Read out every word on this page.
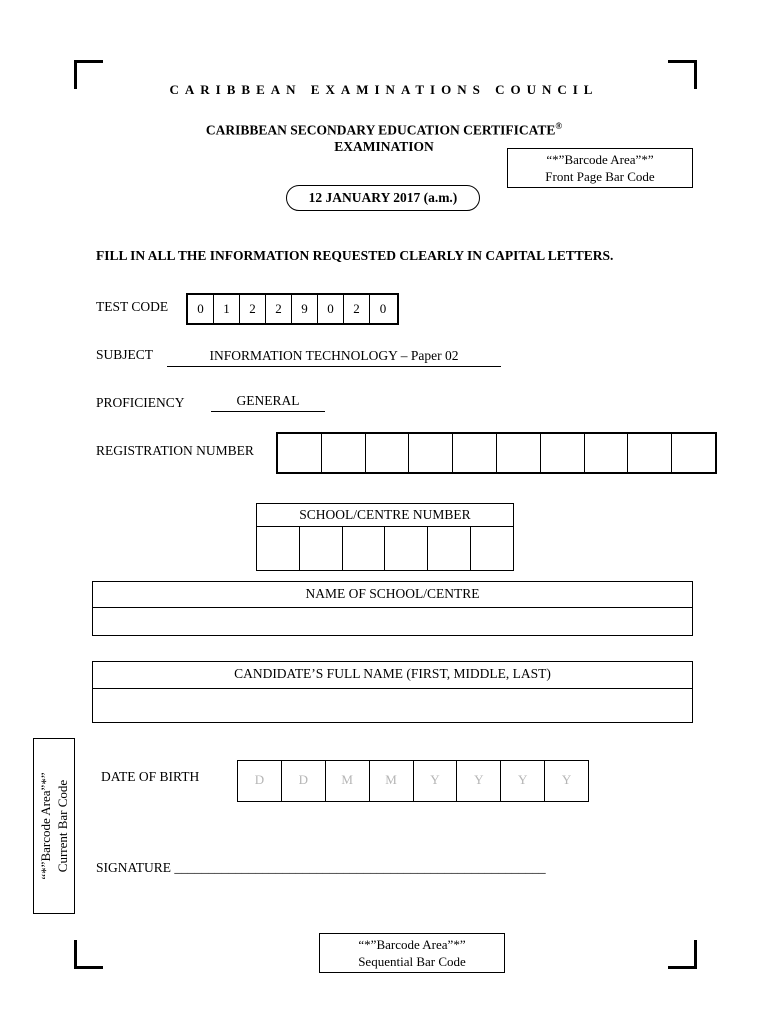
CARIBBEAN EXAMINATIONS COUNCIL
CARIBBEAN SECONDARY EDUCATION CERTIFICATE®
EXAMINATION
“*”Barcode Area”*”
Front Page Bar Code
12 JANUARY 2017 (a.m.)
FILL IN ALL THE INFORMATION REQUESTED CLEARLY IN CAPITAL LETTERS.
TEST CODE	0	1	2	2	9	0	2	0
SUBJECT	INFORMATION TECHNOLOGY – Paper 02
PROFICIENCY	GENERAL
REGISTRATION NUMBER
SCHOOL/CENTRE NUMBER
NAME OF SCHOOL/CENTRE
CANDIDATE’S FULL NAME (FIRST, MIDDLE, LAST)
“*”Barcode Area”*” Current Bar Code
DATE OF BIRTH	D	D	M	M	Y	Y	Y	Y
SIGNATURE _______________________________________________________
“*”Barcode Area”*”
Sequential Bar Code
